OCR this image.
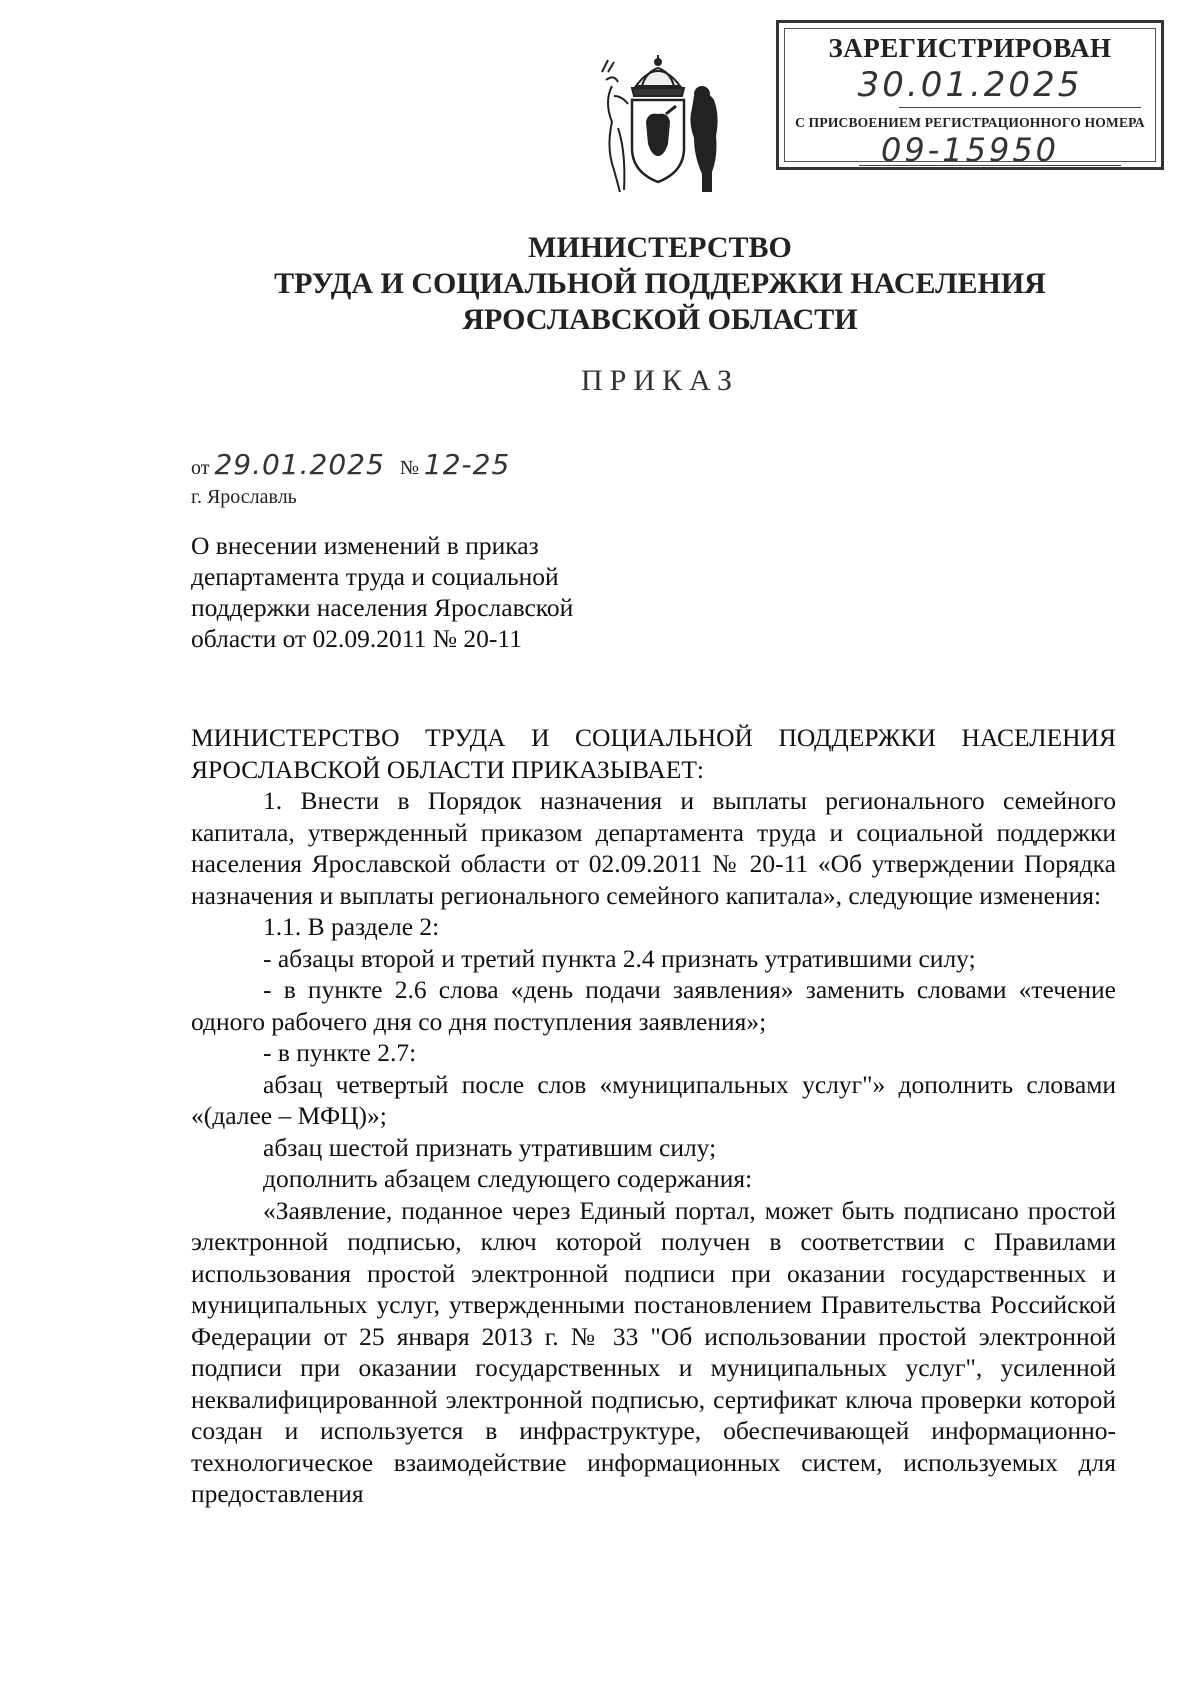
ЗАРЕГИСТРИРОВАН
30.01.2025
С ПРИСВОЕНИЕМ РЕГИСТРАЦИОННОГО НОМЕРА
09-15950
МИНИСТЕРСТВО
ТРУДА И СОЦИАЛЬНОЙ ПОДДЕРЖКИ НАСЕЛЕНИЯ
ЯРОСЛАВСКОЙ ОБЛАСТИ
ПРИКАЗ
от 29.01.2025 № 12-25
г. Ярославль
О внесении изменений в приказ департамента труда и социальной поддержки населения Ярославской области от 02.09.2011 № 20-11

МИНИСТЕРСТВО ТРУДА И СОЦИАЛЬНОЙ ПОДДЕРЖКИ НАСЕЛЕНИЯ ЯРОСЛАВСКОЙ ОБЛАСТИ ПРИКАЗЫВАЕТ:

1. Внести в Порядок назначения и выплаты регионального семейного капитала, утвержденный приказом департамента труда и социальной поддержки населения Ярославской области от 02.09.2011 № 20-11 «Об утверждении Порядка назначения и выплаты регионального семейного капитала», следующие изменения:

1.1. В разделе 2:

- абзацы второй и третий пункта 2.4 признать утратившими силу;

- в пункте 2.6 слова «день подачи заявления» заменить словами «течение одного рабочего дня со дня поступления заявления»;

- в пункте 2.7:

абзац четвертый после слов «муниципальных услуг"» дополнить словами «(далее – МФЦ)»;

абзац шестой признать утратившим силу;

дополнить абзацем следующего содержания:

«Заявление, поданное через Единый портал, может быть подписано простой электронной подписью, ключ которой получен в соответствии с Правилами использования простой электронной подписи при оказании государственных и муниципальных услуг, утвержденными постановлением Правительства Российской Федерации от 25 января 2013 г. № 33 "Об использовании простой электронной подписи при оказании государственных и муниципальных услуг", усиленной неквалифицированной электронной подписью, сертификат ключа проверки которой создан и используется в инфраструктуре, обеспечивающей информационно-технологическое взаимодействие информационных систем, используемых для предоставления
